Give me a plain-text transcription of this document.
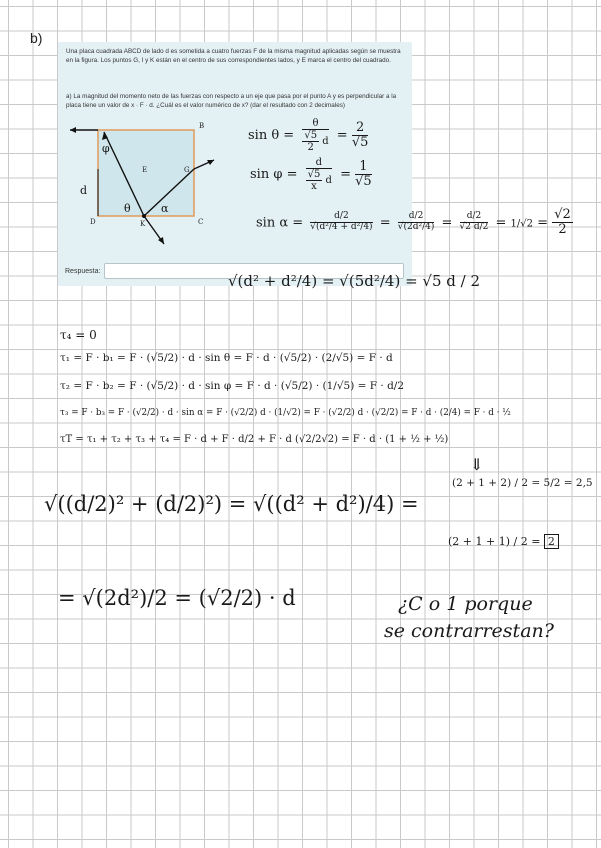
b)

Una placa cuadrada ABCD de lado d es sometida a cuatro fuerzas F de la misma magnitud aplicadas según se muestra en la figura. Los puntos G, I y K están en el centro de sus correspondientes lados, y E marca el centro del cuadrado.

a) La magnitud del momento neto de las fuerzas con respecto a un eje que pasa por el punto A y es perpendicular a la placa tiene un valor de x · F · d. ¿Cuál es el valor numérico de x? (dar el resultado con 2 decimales)

B
C
D
E	G
K
θ
φ
α
d
Respuesta:
$\sin \theta = \frac{\theta}{\frac{√5}{2} d} = \frac{2}{√5}$
$\sin \varphi = \frac{d}{\frac{√5}{x} d} = \frac{1}{√5}$
$\sin \alpha = \frac{d/2}{\text{√(d²/4 + d²/4)}} = \frac{d/2}{\text{√(2d²/4)}} = \frac{d/2}{√2 d/2} = 1/√2 = \frac{√2}{2}$
√(d² + d²/4) = √(5d²/4) = √5 d / 2
τ₄ = 0
τ₁ = F · b₁ = F · (√5/2) · d · sin θ = F · d · (√5/2) · (2/√5) = F · d
τ₂ = F · b₂ = F · (√5/2) · d · sin φ = F · d · (√5/2) · (1/√5) = F · d/2
τ₃ = F · b₃ = F · (√2/2) · d · sin α = F · (√2/2) d · (1/√2) = F · (√2/2) d · (√2/2) = F · d · (2/4) = F · d · ½
τT = τ₁ + τ₂ + τ₃ + τ₄ = F · d + F · d/2 + F · d (√2/2√2) = F · d · (1 + ½ + ½)
⇓
(2 + 1 + 2) / 2 = 5/2 = 2,5
(2 + 1 + 1) / 2 = 2
√((d/2)² + (d/2)²) = √((d² + d²)/4) =
= √(2d²)/2 = (√2/2) · d	¿C o 1 porque
se contrarrestan?
